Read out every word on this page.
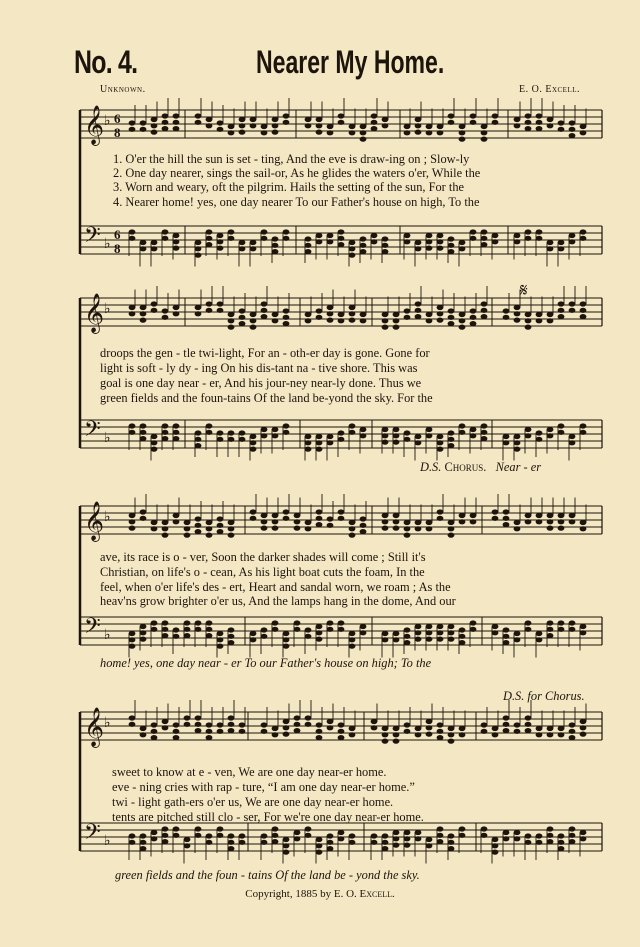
No. 4.	Nearer My Home.
Unknown.	E. O. Excell.
𝄞 ♭ 6
8
𝄢 ♭
6
8
𝄞 ♭
𝄢 ♭
𝄞 ♭
𝄢 ♭
𝄞 ♭
𝄢 ♭
𝄋
1. O'er the hill the sun is set - ting, And the eve is draw-ing on ; Slow-ly
2. One day nearer, sings the sail-or, As he glides the waters o'er, While the
3. Worn and weary, oft the pilgrim. Hails the setting of the sun, For the
4. Nearer home! yes, one day nearer To our Father's house on high, To the
droops the gen - tle twi-light, For an - oth-er day is gone. Gone for
light is soft - ly dy - ing On his dis-tant na - tive shore. This was
goal is one day near - er, And his jour-ney near-ly done. Thus we
green fields and the foun-tains Of the land be-yond the sky. For the
D.S. Chorus. Near - er
ave, its race is o - ver, Soon the darker shades will come ; Still it's
Christian, on life's o - cean, As his light boat cuts the foam, In the
feel, when o'er life's des - ert, Heart and sandal worn, we roam ; As the
heav'ns grow brighter o'er us, And the lamps hang in the dome, And our
home! yes, one day near - er To our Father's house on high; To the
D.S. for Chorus.
sweet to know at e - ven, We are one day near-er home.
eve - ning cries with rap - ture, “I am one day near-er home.”
twi - light gath-ers o'er us, We are one day near-er home.
tents are pitched still clo - ser, For we're one day near-er home.
green fields and the foun - tains Of the land be - yond the sky.
Copyright, 1885 by E. O. Excell.
